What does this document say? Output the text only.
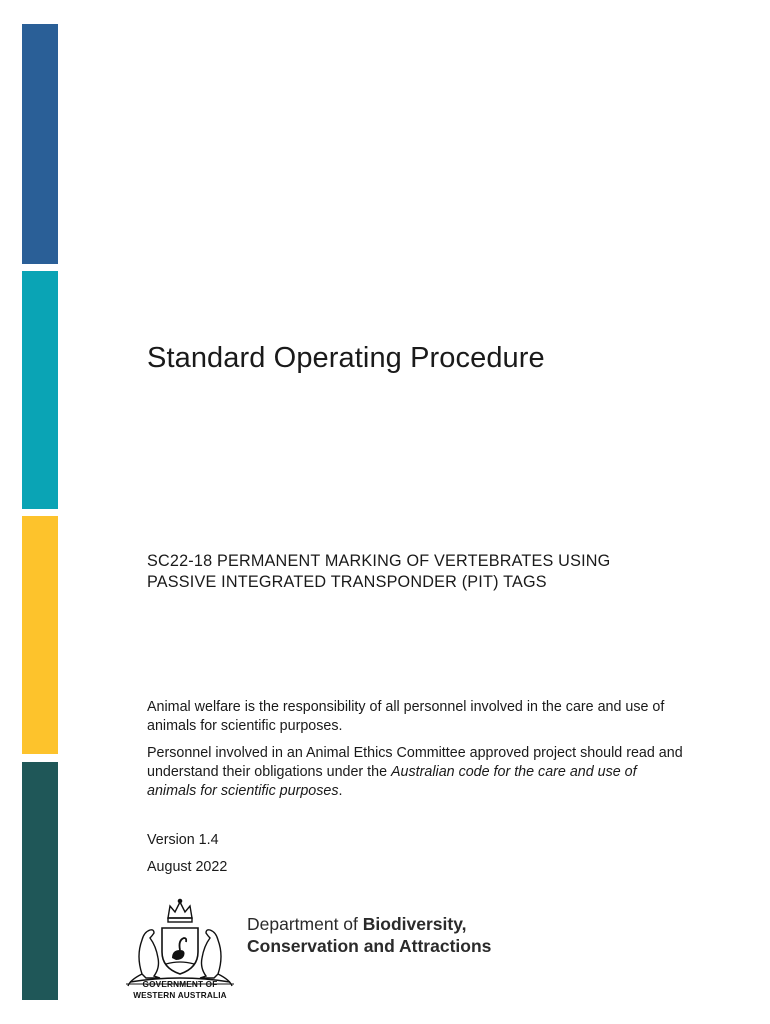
Standard Operating Procedure
SC22-18 PERMANENT MARKING OF VERTEBRATES USING
PASSIVE INTEGRATED TRANSPONDER (PIT) TAGS

Animal welfare is the responsibility of all personnel involved in the care and use of animals for scientific purposes.

Personnel involved in an Animal Ethics Committee approved project should read and understand their obligations under the Australian code for the care and use of animals for scientific purposes.

Version 1.4
August 2022
GOVERNMENT OF
WESTERN AUSTRALIA
Department of Biodiversity,
Conservation and Attractions
